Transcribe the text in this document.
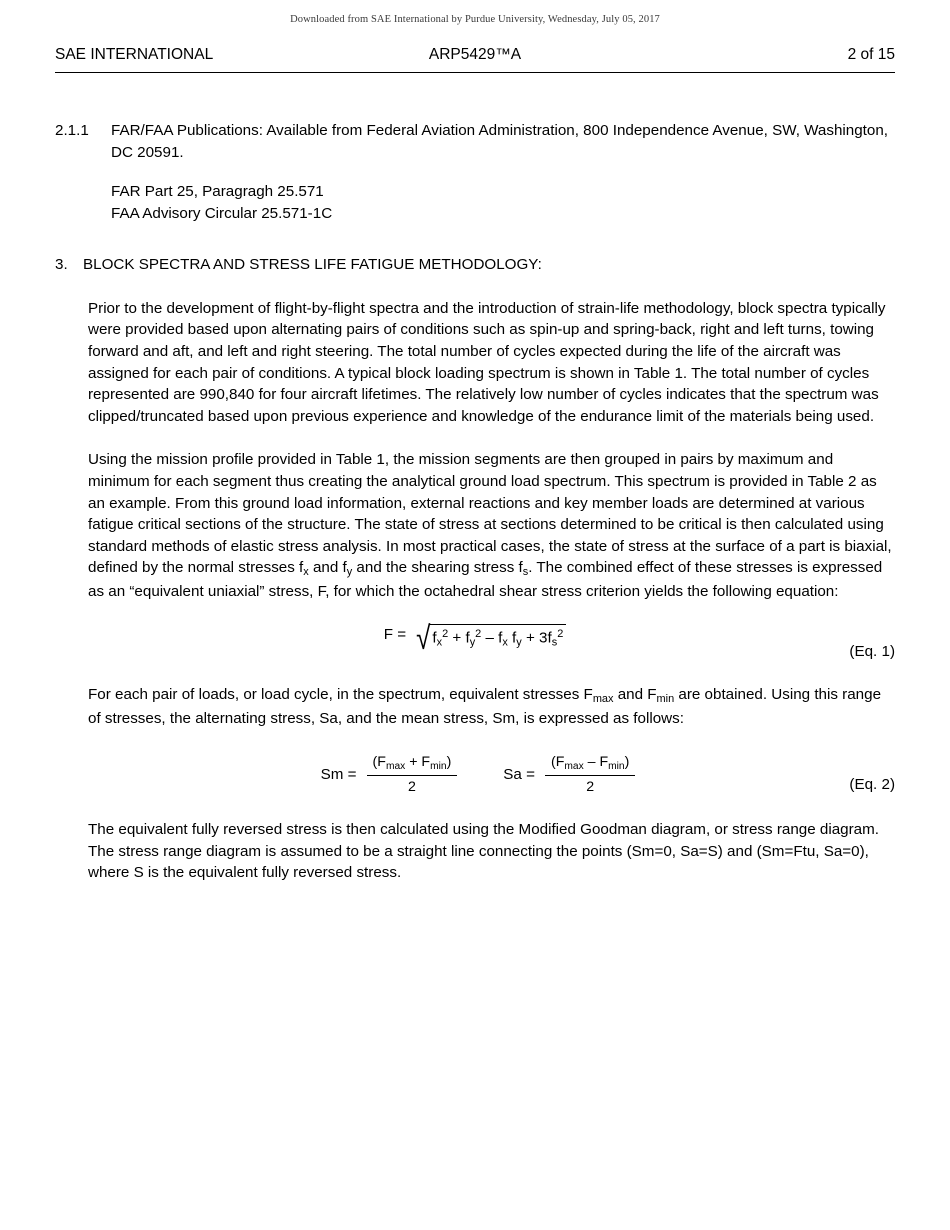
Downloaded from SAE International by Purdue University, Wednesday, July 05, 2017
SAE INTERNATIONAL	ARP5429™A	2 of 15
2.1.1	FAR/FAA Publications: Available from Federal Aviation Administration, 800 Independence Avenue, SW, Washington, DC 20591.
FAR Part 25, Paragragh 25.571
FAA Advisory Circular 25.571-1C
3.	BLOCK SPECTRA AND STRESS LIFE FATIGUE METHODOLOGY:
Prior to the development of flight-by-flight spectra and the introduction of strain-life methodology, block spectra typically were provided based upon alternating pairs of conditions such as spin-up and spring-back, right and left turns, towing forward and aft, and left and right steering. The total number of cycles expected during the life of the aircraft was assigned for each pair of conditions. A typical block loading spectrum is shown in Table 1. The total number of cycles represented are 990,840 for four aircraft lifetimes. The relatively low number of cycles indicates that the spectrum was clipped/truncated based upon previous experience and knowledge of the endurance limit of the materials being used.
Using the mission profile provided in Table 1, the mission segments are then grouped in pairs by maximum and minimum for each segment thus creating the analytical ground load spectrum. This spectrum is provided in Table 2 as an example. From this ground load information, external reactions and key member loads are determined at various fatigue critical sections of the structure. The state of stress at sections determined to be critical is then calculated using standard methods of elastic stress analysis. In most practical cases, the state of stress at the surface of a part is biaxial, defined by the normal stresses $f_x$ and $f_y$ and the shearing stress $f_s$. The combined effect of these stresses is expressed as an “equivalent uniaxial” stress, F, for which the octahedral shear stress criterion yields the following equation:
F = √ $f_x^2 + f_y^2 - f_x$ $f_y + 3f_s^2$
(Eq. 1)
For each pair of loads, or load cycle, in the spectrum, equivalent stresses $F_{max}$ and $F_{min}$ are obtained. Using this range of stresses, the alternating stress, Sa, and the mean stress, Sm, is expressed as follows:
$Sm = \frac{(F_{max} + F_{min})}{2}$	$Sa = \frac{(F_{max} - F_{min})}{2}$	(Eq. 2)
The equivalent fully reversed stress is then calculated using the Modified Goodman diagram, or stress range diagram. The stress range diagram is assumed to be a straight line connecting the points (Sm=0, Sa=S) and (Sm=Ftu, Sa=0), where S is the equivalent fully reversed stress.
